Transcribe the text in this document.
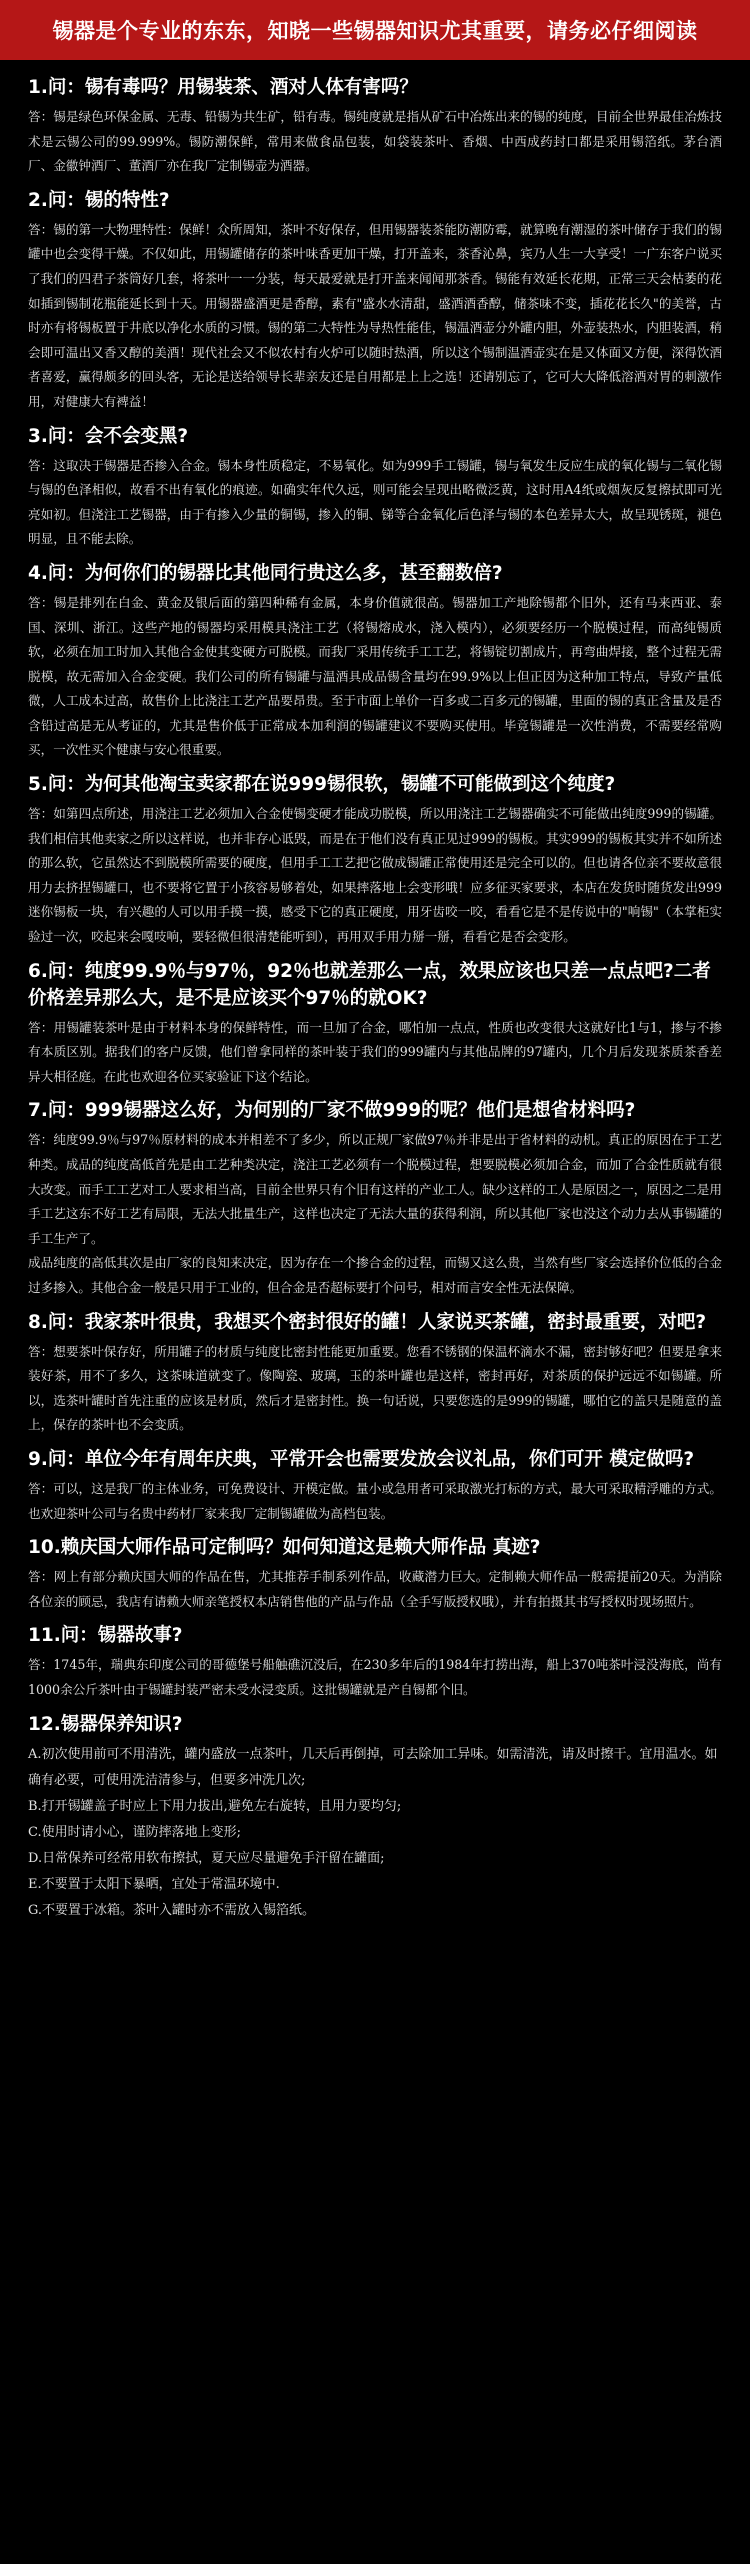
锡器是个专业的东东，知晓一些锡器知识尤其重要，请务必仔细阅读
1.问：锡有毒吗？用锡装茶、酒对人体有害吗？

答：锡是绿色环保金属、无毒、铅锡为共生矿，铅有毒。锡纯度就是指从矿石中冶炼出来的锡的纯度，目前全世界最佳冶炼技术是云锡公司的99.999%。锡防潮保鲜，常用来做食品包装，如袋装茶叶、香烟、中西成药封口都是采用锡箔纸。茅台酒厂、金徽钟酒厂、董酒厂亦在我厂定制锡壶为酒器。

2.问：锡的特性?

答：锡的第一大物理特性：保鲜！众所周知，茶叶不好保存，但用锡器装茶能防潮防霉，就算晚有潮湿的茶叶储存于我们的锡罐中也会变得干燥。不仅如此，用锡罐储存的茶叶味香更加干燥，打开盖来，茶香沁鼻，宾乃人生一大享受！一广东客户说买了我们的四君子茶筒好几套，将茶叶一一分装，每天最爱就是打开盖来闻闻那茶香。锡能有效延长花期，正常三天会枯萎的花如插到锡制花瓶能延长到十天。用锡器盛酒更是香醇，素有"盛水水清甜，盛酒酒香醇，储茶味不变，插花花长久"的美誉，古时亦有将锡板置于井底以净化水质的习惯。锡的第二大特性为导热性能佳，锡温酒壶分外罐内胆，外壶装热水，内胆装酒，稍会即可温出又香又醇的美酒！现代社会又不似农村有火炉可以随时热酒，所以这个锡制温酒壶实在是又体面又方便，深得饮酒者喜爱，赢得颇多的回头客，无论是送给领导长辈亲友还是自用都是上上之选！还请别忘了，它可大大降低溶酒对胃的刺激作用，对健康大有裨益！

3.问：会不会变黑?

答：这取决于锡器是否掺入合金。锡本身性质稳定，不易氧化。如为999手工锡罐，锡与氧发生反应生成的氧化锡与二氧化锡与锡的色泽相似，故看不出有氧化的痕迹。如确实年代久远，则可能会呈现出略微泛黄，这时用A4纸或烟灰反复擦拭即可光亮如初。但浇注工艺锡器，由于有掺入少量的铜锡，掺入的铜、锑等合金氧化后色泽与锡的本色差异太大，故呈现锈斑，褪色明显，且不能去除。

4.问：为何你们的锡器比其他同行贵这么多，甚至翻数倍?

答：锡是排列在白金、黄金及银后面的第四种稀有金属，本身价值就很高。锡器加工产地除锡都个旧外，还有马来西亚、泰国、深圳、浙江。这些产地的锡器均采用模具浇注工艺（将锡熔成水，浇入模内），必须要经历一个脱模过程，而高纯锡质软，必须在加工时加入其他合金使其变硬方可脱模。而我厂采用传统手工工艺，将锡锭切割成片，再弯曲焊接，整个过程无需脱模，故无需加入合金变硬。我们公司的所有锡罐与温酒具成品锡含量均在99.9%以上但正因为这种加工特点，导致产量低微，人工成本过高，故售价上比浇注工艺产品要昂贵。至于市面上单价一百多或二百多元的锡罐，里面的锡的真正含量及是否含铅过高是无从考证的，尤其是售价低于正常成本加利润的锡罐建议不要购买使用。毕竟锡罐是一次性消费，不需要经常购买，一次性买个健康与安心很重要。

5.问：为何其他淘宝卖家都在说999锡很软，锡罐不可能做到这个纯度?

答：如第四点所述，用浇注工艺必须加入合金使锡变硬才能成功脱模，所以用浇注工艺锡器确实不可能做出纯度999的锡罐。我们相信其他卖家之所以这样说，也并非存心诋毁，而是在于他们没有真正见过999的锡板。其实999的锡板其实并不如所述的那么软，它虽然达不到脱模所需要的硬度，但用手工工艺把它做成锡罐正常使用还是完全可以的。但也请各位亲不要故意很用力去挤捏锡罐口，也不要将它置于小孩容易够着处，如果摔落地上会变形哦！应多征买家要求，本店在发货时随货发出999迷你锡板一块，有兴趣的人可以用手摸一摸，感受下它的真正硬度，用牙齿咬一咬，看看它是不是传说中的"响锡"（本掌柜实验过一次，咬起来会嘎吱响，要轻微但很清楚能听到），再用双手用力掰一掰，看看它是否会变形。

6.问：纯度99.9％与97％，92％也就差那么一点，效果应该也只差一点点吧?二者价格差异那么大，是不是应该买个97％的就OK?

答：用锡罐装茶叶是由于材料本身的保鲜特性，而一旦加了合金，哪怕加一点点，性质也改变很大这就好比1与1，掺与不掺有本质区别。据我们的客户反馈，他们曾拿同样的茶叶装于我们的999罐内与其他品牌的97罐内，几个月后发现茶质茶香差异大相径庭。在此也欢迎各位买家验证下这个结论。

7.问：999锡器这么好，为何别的厂家不做999的呢？他们是想省材料吗?

答：纯度99.9％与97％原材料的成本并相差不了多少，所以正规厂家做97％并非是出于省材料的动机。真正的原因在于工艺种类。成品的纯度高低首先是由工艺种类决定，浇注工艺必须有一个脱模过程，想要脱模必须加合金，而加了合金性质就有很大改变。而手工工艺对工人要求相当高，目前全世界只有个旧有这样的产业工人。缺少这样的工人是原因之一，原因之二是用手工艺这东不好工艺有局限，无法大批量生产，这样也决定了无法大量的获得利润，所以其他厂家也没这个动力去从事锡罐的手工生产了。

成品纯度的高低其次是由厂家的良知来决定，因为存在一个掺合金的过程，而锡又这么贵，当然有些厂家会选择价位低的合金过多掺入。其他合金一般是只用于工业的，但合金是否超标要打个问号，相对而言安全性无法保障。

8.问：我家茶叶很贵，我想买个密封很好的罐！人家说买茶罐，密封最重要，对吧?

答：想要茶叶保存好，所用罐子的材质与纯度比密封性能更加重要。您看不锈钢的保温杯滴水不漏，密封够好吧？但要是拿来装好茶，用不了多久，这茶味道就变了。像陶瓷、玻璃，玉的茶叶罐也是这样，密封再好，对茶质的保护远远不如锡罐。所以，选茶叶罐时首先注重的应该是材质，然后才是密封性。换一句话说，只要您选的是999的锡罐，哪怕它的盖只是随意的盖上，保存的茶叶也不会变质。

9.问：单位今年有周年庆典，平常开会也需要发放会议礼品，你们可开 模定做吗?

答：可以，这是我厂的主体业务，可免费设计、开模定做。量小或急用者可采取激光打标的方式，最大可采取精浮雕的方式。也欢迎茶叶公司与名贵中药材厂家来我厂定制锡罐做为高档包装。

10.赖庆国大师作品可定制吗？如何知道这是赖大师作品 真迹?

答：网上有部分赖庆国大师的作品在售，尤其推荐手制系列作品，收藏潜力巨大。定制赖大师作品一般需提前20天。为消除各位亲的顾忌，我店有请赖大师亲笔授权本店销售他的产品与作品（全手写版授权哦），并有拍摄其书写授权时现场照片。

11.问：锡器故事?

答：1745年，瑞典东印度公司的哥德堡号船触礁沉没后，在230多年后的1984年打捞出海，船上370吨茶叶浸没海底，尚有1000余公斤茶叶由于锡罐封装严密未受水浸变质。这批锡罐就是产自锡都个旧。

12.锡器保养知识?

A.初次使用前可不用清洗，罐内盛放一点茶叶，几天后再倒掉，可去除加工异味。如需清洗，请及时擦干。宜用温水。如确有必要，可使用洗洁清参与，但要多冲洗几次;

B.打开锡罐盖子时应上下用力拔出,避免左右旋转，且用力要均匀;

C.使用时请小心，谨防摔落地上变形;

D.日常保养可经常用软布擦拭，夏天应尽量避免手汗留在罐面;

E.不要置于太阳下暴晒，宜处于常温环境中.

G.不要置于冰箱。茶叶入罐时亦不需放入锡箔纸。
